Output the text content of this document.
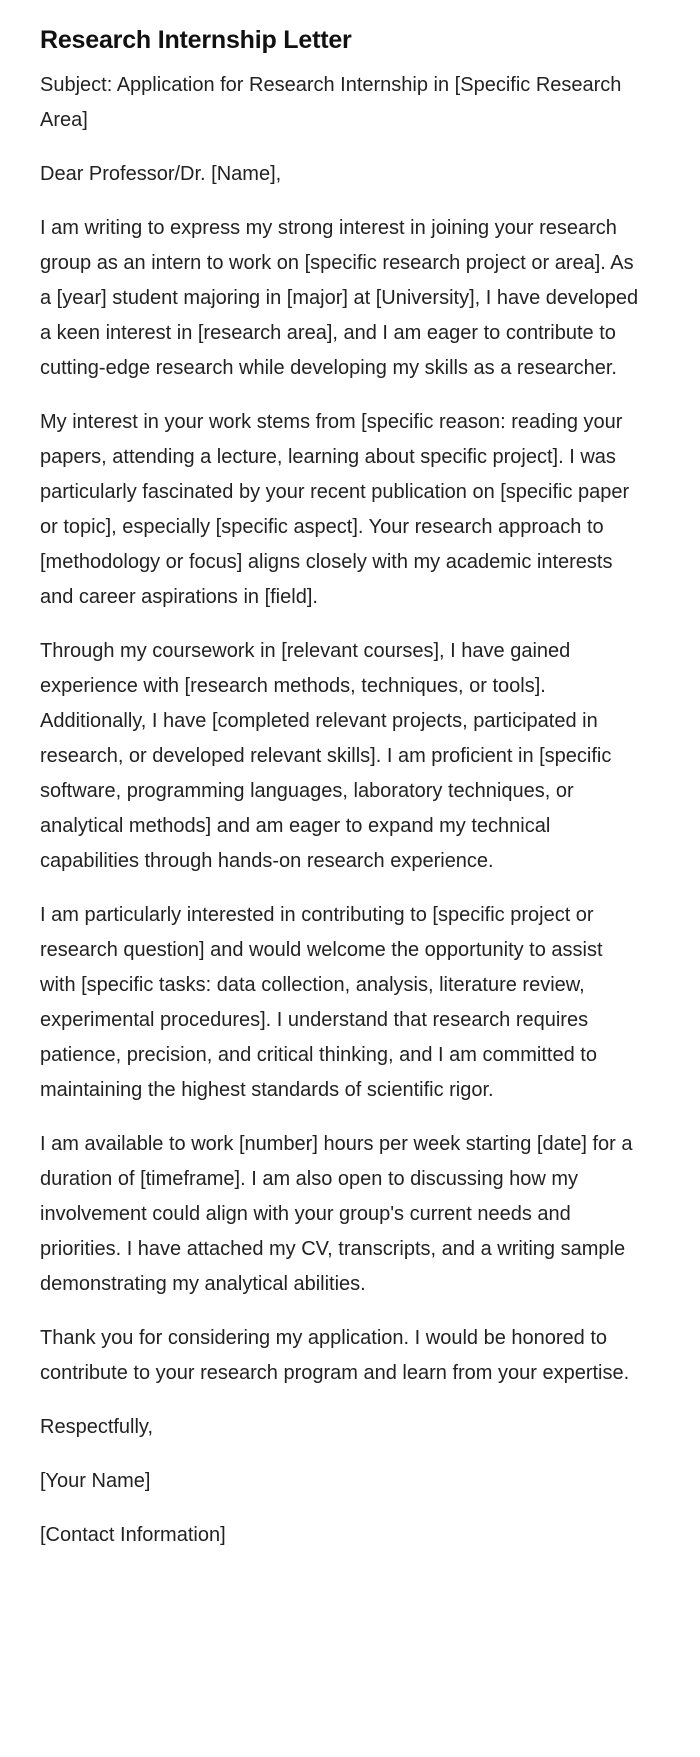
Research Internship Letter

Subject: Application for Research Internship in [Specific Research Area]

Dear Professor/Dr. [Name],

I am writing to express my strong interest in joining your research group as an intern to work on [specific research project or area]. As a [year] student majoring in [major] at [University], I have developed a keen interest in [research area], and I am eager to contribute to cutting-edge research while developing my skills as a researcher.

My interest in your work stems from [specific reason: reading your papers, attending a lecture, learning about specific project]. I was particularly fascinated by your recent publication on [specific paper or topic], especially [specific aspect]. Your research approach to [methodology or focus] aligns closely with my academic interests and career aspirations in [field].

Through my coursework in [relevant courses], I have gained experience with [research methods, techniques, or tools]. Additionally, I have [completed relevant projects, participated in research, or developed relevant skills]. I am proficient in [specific software, programming languages, laboratory techniques, or analytical methods] and am eager to expand my technical capabilities through hands-on research experience.

I am particularly interested in contributing to [specific project or research question] and would welcome the opportunity to assist with [specific tasks: data collection, analysis, literature review, experimental procedures]. I understand that research requires patience, precision, and critical thinking, and I am committed to maintaining the highest standards of scientific rigor.

I am available to work [number] hours per week starting [date] for a duration of [timeframe]. I am also open to discussing how my involvement could align with your group's current needs and priorities. I have attached my CV, transcripts, and a writing sample demonstrating my analytical abilities.

Thank you for considering my application. I would be honored to contribute to your research program and learn from your expertise.

Respectfully,

[Your Name]

[Contact Information]
